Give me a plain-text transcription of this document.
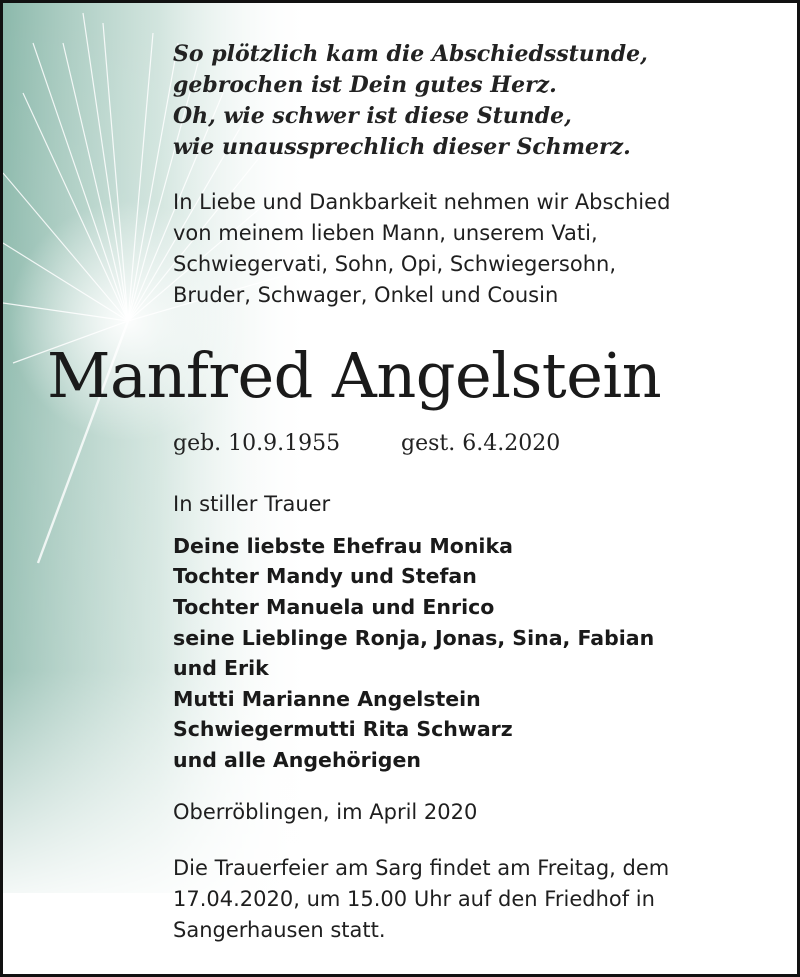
So plötzlich kam die Abschiedsstunde,
gebrochen ist Dein gutes Herz.
Oh, wie schwer ist diese Stunde,
wie unaussprechlich dieser Schmerz.
In Liebe und Dankbarkeit nehmen wir Abschied
von meinem lieben Mann, unserem Vati,
Schwiegervati, Sohn, Opi, Schwiegersohn,
Bruder, Schwager, Onkel und Cousin
Manfred Angelstein
geb. 10.9.1955	gest. 6.4.2020
In stiller Trauer
Deine liebste Ehefrau Monika
Tochter Mandy und Stefan
Tochter Manuela und Enrico
seine Lieblinge Ronja, Jonas, Sina, Fabian
und Erik
Mutti Marianne Angelstein
Schwiegermutti Rita Schwarz
und alle Angehörigen
Oberröblingen, im April 2020
Die Trauerfeier am Sarg findet am Freitag, dem
17.04.2020, um 15.00 Uhr auf den Friedhof in
Sangerhausen statt.
